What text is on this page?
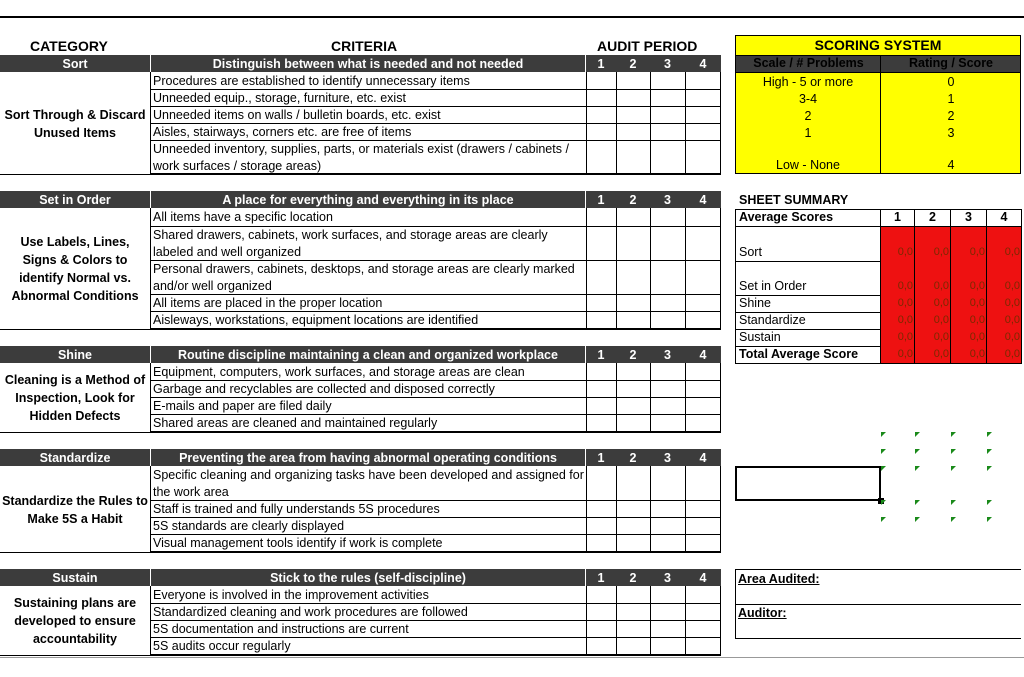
CATEGORY	CRITERIA	AUDIT PERIOD
Sort	Distinguish between what is needed and not needed	1	2	3	4
Sort Through & Discard Unused Items
Procedures are established to identify unnecessary items
Unneeded equip., storage, furniture, etc. exist
Unneeded items on walls / bulletin boards, etc. exist
Aisles, stairways, corners etc. are free of items
Unneeded inventory, supplies, parts, or materials exist (drawers / cabinets / work surfaces / storage areas)
Set in Order	A place for everything and everything in its place	1	2	3	4
Use Labels, Lines, Signs & Colors to identify Normal vs. Abnormal Conditions
All items have a specific location
Shared drawers, cabinets, work surfaces, and storage areas are clearly labeled and well organized
Personal drawers, cabinets, desktops, and storage areas are clearly marked and/or well organized
All items are placed in the proper location
Aisleways, workstations, equipment locations are identified
Shine	Routine discipline maintaining a clean and organized workplace	1	2	3	4
Cleaning is a Method of Inspection, Look for Hidden Defects
Equipment, computers, work surfaces, and storage areas are clean
Garbage and recyclables are collected and disposed correctly
E-mails and paper are filed daily
Shared areas are cleaned and maintained regularly
Standardize	Preventing the area from having abnormal operating conditions	1	2	3	4
Standardize the Rules to Make 5S a Habit
Specific cleaning and organizing tasks have been developed and assigned for the work area
Staff is trained and fully understands 5S procedures
5S standards are clearly displayed
Visual management tools identify if work is complete
Sustain	Stick to the rules (self-discipline)	1	2	3	4
Sustaining plans are developed to ensure accountability
Everyone is involved in the improvement activities
Standardized cleaning and work procedures are followed
5S documentation and instructions are current
5S audits occur regularly
SCORING SYSTEM
Scale / # Problems	Rating / Score
High - 5 or more	0
3-4	1
2	2
1	3
Low - None	4
SHEET SUMMARY
Average Scores	1	2	3	4
Sort	0,0	0,0	0,0	0,0
Set in Order	0,0	0,0	0,0	0,0
Shine	0,0	0,0	0,0	0,0
Standardize	0,0	0,0	0,0	0,0
Sustain	0,0	0,0	0,0	0,0
Total Average Score	0,0	0,0	0,0	0,0
Area Audited:
Auditor:
